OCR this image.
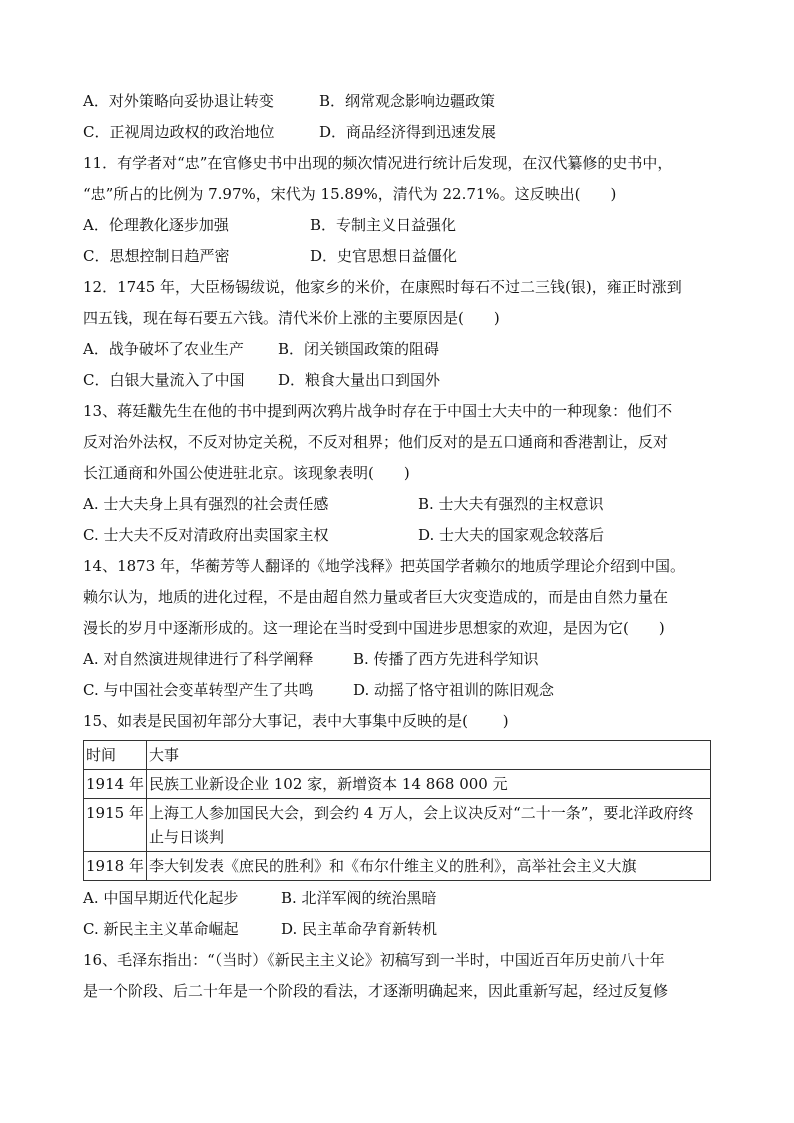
A．对外策略向妥协退让转变	B．纲常观念影响边疆政策
C．正视周边政权的政治地位	D．商品经济得到迅速发展
11．有学者对“忠”在官修史书中出现的频次情况进行统计后发现，在汉代纂修的史书中，
“忠”所占的比例为 7.97%，宋代为 15.89%，清代为 22.71%。这反映出(　　)
A．伦理教化逐步加强	B．专制主义日益强化
C．思想控制日趋严密	D．史官思想日益僵化
12．1745 年，大臣杨锡绂说，他家乡的米价，在康熙时每石不过二三钱(银)，雍正时涨到
四五钱，现在每石要五六钱。清代米价上涨的主要原因是(　　)
A．战争破坏了农业生产	B．闭关锁国政策的阻碍
C．白银大量流入了中国	D．粮食大量出口到国外
13、蒋廷黻先生在他的书中提到两次鸦片战争时存在于中国士大夫中的一种现象：他们不
反对治外法权，不反对协定关税，不反对租界；他们反对的是五口通商和香港割让，反对
长江通商和外国公使进驻北京。该现象表明(　　)
A. 士大夫身上具有强烈的社会责任感	B. 士大夫有强烈的主权意识
C. 士大夫不反对清政府出卖国家主权	D. 士大夫的国家观念较落后
14、1873 年，华蘅芳等人翻译的《地学浅释》把英国学者赖尔的地质学理论介绍到中国。
赖尔认为，地质的进化过程，不是由超自然力量或者巨大灾变造成的，而是由自然力量在
漫长的岁月中逐渐形成的。这一理论在当时受到中国进步思想家的欢迎，是因为它(　　)
A. 对自然演进规律进行了科学阐释	B. 传播了西方先进科学知识
C. 与中国社会变革转型产生了共鸣	D. 动摇了恪守祖训的陈旧观念
15、如表是民国初年部分大事记，表中大事集中反映的是(　　 )
时间	大事
1914 年	民族工业新设企业 102 家，新增资本 14 868 000 元
1915 年	上海工人参加国民大会，到会约 4 万人，会上议决反对“二十一条”，要北洋政府终止与日谈判
1918 年	李大钊发表《庶民的胜利》和《布尔什维主义的胜利》，高举社会主义大旗
A. 中国早期近代化起步	B. 北洋军阀的统治黑暗
C. 新民主主义革命崛起	D. 民主革命孕育新转机
16、毛泽东指出：“（当时）《新民主主义论》初稿写到一半时，中国近百年历史前八十年
是一个阶段、后二十年是一个阶段的看法，才逐渐明确起来，因此重新写起，经过反复修
